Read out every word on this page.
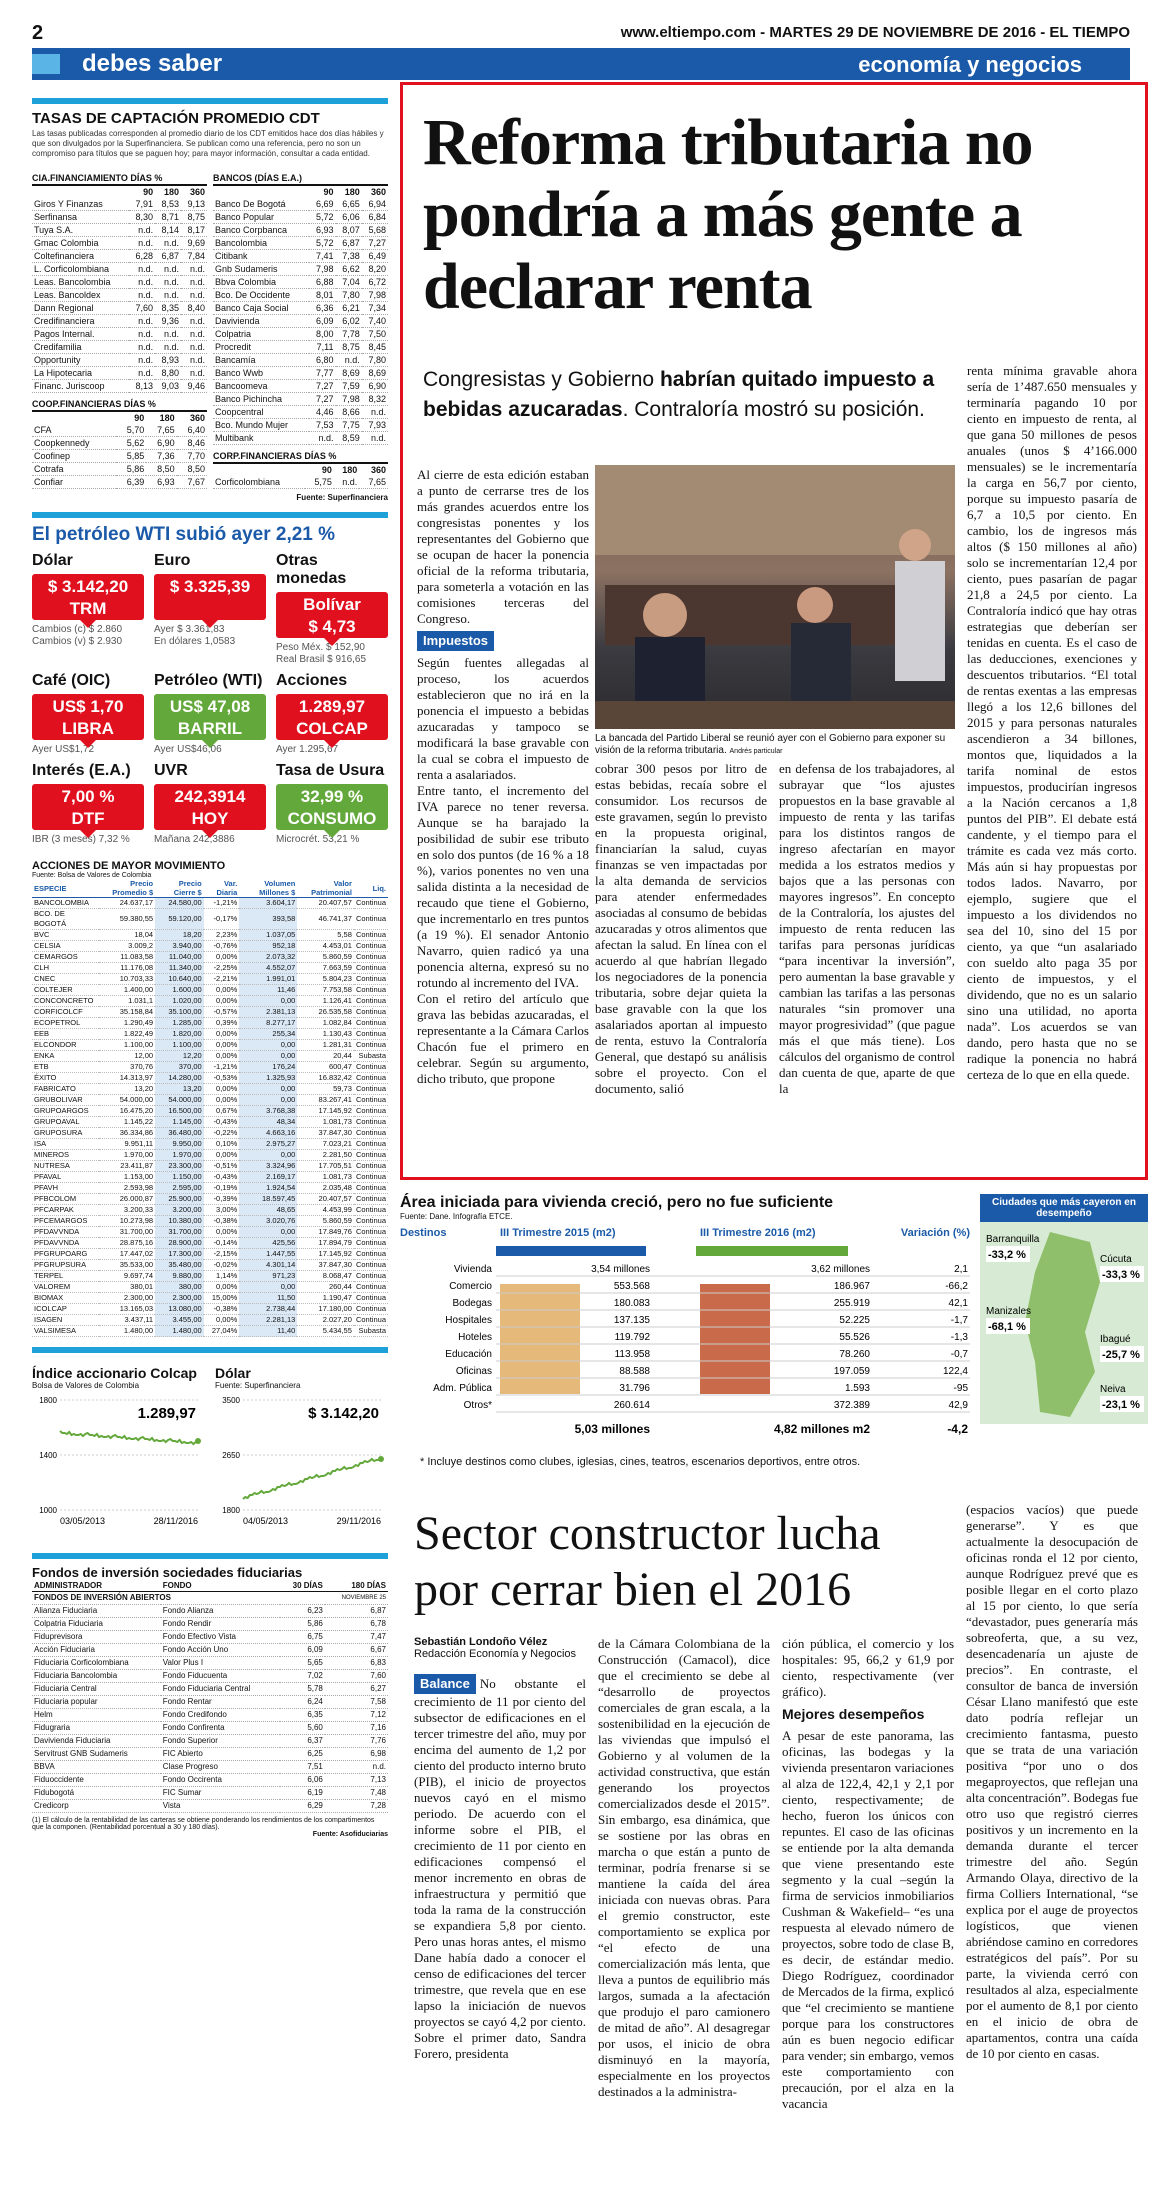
2	www.eltiempo.com - MARTES 29 DE NOVIEMBRE DE 2016 - EL TIEMPO
debes saber	economía y negocios
TASAS DE CAPTACIÓN PROMEDIO CDT
Las tasas publicadas corresponden al promedio diario de los CDT emitidos hace dos días hábiles y que son divulgados por la Superfinanciera. Se publican como una referencia, pero no son un compromiso para títulos que se paguen hoy; para mayor información, consultar a cada entidad.
CIA.FINANCIAMIENTO DÍAS %
	90	180	360
Giros Y Finanzas	7,91	8,53	9,13
Serfinansa	8,30	8,71	8,75
Tuya S.A.	n.d.	8,14	8,17
Gmac Colombia	n.d.	n.d.	9,69
Coltefinanciera	6,28	6,87	7,84
L. Corficolombiana	n.d.	n.d.	n.d.
Leas. Bancolombia	n.d.	n.d.	n.d.
Leas. Bancoldex	n.d.	n.d.	n.d.
Dann Regional	7,60	8,35	8,40
Credifinanciera	n.d.	9,36	n.d.
Pagos Internal.	n.d.	n.d.	n.d.
Credifamilia	n.d.	n.d.	n.d.
Opportunity	n.d.	8,93	n.d.
La Hipotecaria	n.d.	8,80	n.d.
Financ. Juriscoop	8,13	9,03	9,46
COOP.FINANCIERAS DÍAS %
	90	180	360
CFA	5,70	7,65	6,40
Coopkennedy	5,62	6,90	8,46
Coofinep	5,85	7,36	7,70
Cotrafa	5,86	8,50	8,50
Confiar	6,39	6,93	7,67
BANCOS (DÍAS E.A.)
	90	180	360
Banco De Bogotá	6,69	6,65	6,94
Banco Popular	5,72	6,06	6,84
Banco Corpbanca	6,93	8,07	5,68
Bancolombia	5,72	6,87	7,27
Citibank	7,41	7,38	6,49
Gnb Sudameris	7,98	6,62	8,20
Bbva Colombia	6,88	7,04	6,72
Bco. De Occidente	8,01	7,80	7,98
Banco Caja Social	6,36	6,21	7,34
Davivienda	6,09	6,02	7,40
Colpatria	8,00	7,78	7,50
Procredit	7,11	8,75	8,45
Bancamía	6,80	n.d.	7,80
Banco Wwb	7,77	8,69	8,69
Bancoomeva	7,27	7,59	6,90
Banco Pichincha	7,27	7,98	8,32
Coopcentral	4,46	8,66	n.d.
Bco. Mundo Mujer	7,53	7,75	7,93
Multibank	n.d.	8,59	n.d.
CORP.FINANCIERAS DÍAS %
	90	180	360
Corficolombiana	5,75	n.d.	7,65
Fuente: Superfinanciera
El petróleo WTI subió ayer 2,21 %
Dólar
$ 3.142,20
TRM
Cambios (c) $ 2.860
Cambios (v) $ 2.930
Euro
$ 3.325,39
Ayer $ 3.361,83
En dólares 1,0583
Otras monedas
Bolívar
$ 4,73
Peso Méx. $ 152,90
Real Brasil $ 916,65
Café (OIC)
US$ 1,70
LIBRA
Ayer US$1,72
Petróleo (WTI)
US$ 47,08
BARRIL
Ayer US$46,06
Acciones
1.289,97
COLCAP
Ayer 1.295,67
Interés (E.A.)
7,00 %
DTF
IBR (3 meses) 7,32 %
UVR
242,3914
HOY
Mañana 242,3886
Tasa de Usura
32,99 %
CONSUMO
Microcrét. 53,21 %
ACCIONES DE MAYOR MOVIMIENTO
Fuente: Bolsa de Valores de Colombia
ESPECIE	Precio Promedio $	Precio Cierre $	Var. Diaria	Volumen Millones $	Valor Patrimonial	Liq.
BANCOLOMBIA	24.637,17	24.580,00	-1,21%	3.604,17	20.407,57	Continua
BCO. DE BOGOTÁ	59.380,55	59.120,00	-0,17%	393,58	46.741,37	Continua
BVC	18,04	18,20	2,23%	1.037,05	5,58	Continua
CELSIA	3.009,2	3.940,00	-0,76%	952,18	4.453,01	Continua
CEMARGOS	11.083,58	11.040,00	0,00%	2.073,32	5.860,59	Continua
CLH	11.176,08	11.340,00	-2,25%	4.552,07	7.663,59	Continua
CNEC	10.703,33	10.640,00	-2,21%	1.991,01	5.804,23	Continua
COLTEJER	1.400,00	1.600,00	0,00%	11,46	7.753,58	Continua
CONCONCRETO	1.031,1	1.020,00	0,00%	0,00	1.126,41	Continua
CORFICOLCF	35.158,84	35.100,00	-0,57%	2.381,13	26.535,58	Continua
ECOPETROL	1.290,49	1.285,00	0,39%	8.277,17	1.082,84	Continua
EEB	1.822,49	1.820,00	0,00%	255,34	1.130,43	Continua
ELCONDOR	1.100,00	1.100,00	0,00%	0,00	1.281,31	Continua
ENKA	12,00	12,20	0,00%	0,00	20,44	Subasta
ETB	370,76	370,00	-1,21%	176,24	600,47	Continua
ÉXITO	14.313,97	14.280,00	-0,53%	1.325,93	16.832,42	Continua
FABRICATO	13,20	13,20	0,00%	0,00	59,73	Continua
GRUBOLIVAR	54.000,00	54.000,00	0,00%	0,00	83.267,41	Continua
GRUPOARGOS	16.475,20	16.500,00	0,67%	3.768,38	17.145,92	Continua
GRUPOAVAL	1.145,22	1.145,00	-0,43%	48,34	1.081,73	Continua
GRUPOSURA	36.334,86	36.480,00	-0,22%	4.663,16	37.847,30	Continua
ISA	9.951,11	9.950,00	0,10%	2.975,27	7.023,21	Continua
MINEROS	1.970,00	1.970,00	0,00%	0,00	2.281,50	Continua
NUTRESA	23.411,87	23.300,00	-0,51%	3.324,96	17.705,51	Continua
PFAVAL	1.153,00	1.150,00	-0,43%	2.169,17	1.081,73	Continua
PFAVH	2.593,98	2.595,00	-0,19%	1.924,54	2.035,48	Continua
PFBCOLOM	26.000,87	25.900,00	-0,39%	18.597,45	20.407,57	Continua
PFCARPAK	3.200,33	3.200,00	3,00%	48,65	4.453,99	Continua
PFCEMARGOS	10.273,98	10.380,00	-0,38%	3.020,76	5.860,59	Continua
PFDAVVNDA	31.700,00	31.700,00	0,00%	0,00	17.849,76	Continua
PFDAVVNDA	28.875,16	28.900,00	-0,14%	425,56	17.894,79	Continua
PFGRUPOARG	17.447,02	17.300,00	-2,15%	1.447,55	17.145,92	Continua
PFGRUPSURA	35.533,00	35.480,00	-0,02%	4.301,14	37.847,30	Continua
TERPEL	9.697,74	9.880,00	1,14%	971,23	8.068,47	Continua
VALOREM	380,01	380,00	0,00%	0,00	260,44	Continua
BIOMAX	2.300,00	2.300,00	15,00%	11,50	1.190,47	Continua
ICOLCAP	13.165,03	13.080,00	-0,38%	2.738,44	17.180,00	Continua
ISAGEN	3.437,11	3.455,00	0,00%	2.281,13	2.027,20	Continua
VALSIMESA	1.480,00	1.480,00	27,04%	11,40	5.434,55	Subasta
Índice accionario Colcap
Bolsa de Valores de Colombia
1800
1400
1000
1.289,97
03/05/2013	28/11/2016
Dólar
Fuente: Superfinanciera
3500
2650
1800
$ 3.142,20
04/05/2013	29/11/2016
Fondos de inversión sociedades fiduciarias
ADMINISTRADOR	FONDO	30 DÍAS	180 DÍAS
FONDOS DE INVERSIÓN ABIERTOS			NOVIEMBRE 25
Alianza Fiduciaria	Fondo Alianza	6,23	6,87
Colpatria Fiduciaria	Fondo Rendir	5,86	6,78
Fiduprevisora	Fondo Efectivo Vista	6,75	7,47
Acción Fiduciaria	Fondo Acción Uno	6,09	6,67
Fiduciaria Corficolombiana	Valor Plus I	5,65	6,83
Fiduciaria Bancolombia	Fondo Fiducuenta	7,02	7,60
Fiduciaria Central	Fondo Fiduciaria Central	5,78	6,27
Fiduciaria popular	Fondo Rentar	6,24	7,58
Helm	Fondo Credifondo	6,35	7,12
Fidugraria	Fondo Confirenta	5,60	7,16
Davivienda Fiduciaria	Fondo Superior	6,37	7,76
Servitrust GNB Sudameris	FIC Abierto	6,25	6,98
BBVA	Clase Progreso	7,51	n.d.
Fiduoccidente	Fondo Occirenta	6,06	7,13
Fidubogotá	FIC Sumar	6,19	7,48
Credicorp	Vista	6,29	7,28
(1) El cálculo de la rentabilidad de las carteras se obtiene ponderando los rendimientos de los compartimentos que la componen. (Rentabilidad porcentual a 30 y 180 días).
Fuente: Asofiduciarias
Reforma tributaria no pondría a más gente a declarar renta
Congresistas y Gobierno habrían quitado impuesto a bebidas azucaradas. Contraloría mostró su posición.

Al cierre de esta edición estaban a punto de cerrarse tres de los más grandes acuerdos entre los congresistas ponentes y los representantes del Gobierno que se ocupan de hacer la ponencia oficial de la reforma tributaria, para someterla a votación en las comisiones terceras del Congreso.

Impuestos

Según fuentes allegadas al proceso, los acuerdos establecieron que no irá en la ponencia el impuesto a bebidas azucaradas y tampoco se modificará la base gravable con la cual se cobra el impuesto de renta a asalariados.

Entre tanto, el incremento del IVA parece no tener reversa. Aunque se ha barajado la posibilidad de subir ese tributo en solo dos puntos (de 16 % a 18 %), varios ponentes no ven una salida distinta a la necesidad de recaudo que tiene el Gobierno, que incrementarlo en tres puntos (a 19 %). El senador Antonio Navarro, quien radicó ya una ponencia alterna, expresó su no rotundo al incremento del IVA.

Con el retiro del artículo que grava las bebidas azucaradas, el representante a la Cámara Carlos Chacón fue el primero en celebrar. Según su argumento, dicho tributo, que propone

La bancada del Partido Liberal se reunió ayer con el Gobierno para exponer su visión de la reforma tributaria. Andrés particular
cobrar 300 pesos por litro de estas bebidas, recaía sobre el consumidor. Los recursos de este gravamen, según lo previsto en la propuesta original, financiarían la salud, cuyas finanzas se ven impactadas por la alta demanda de servicios para atender enfermedades asociadas al consumo de bebidas azucaradas y otros alimentos que afectan la salud. En línea con el acuerdo al que habrían llegado los negociadores de la ponencia tributaria, sobre dejar quieta la base gravable con la que los asalariados aportan al impuesto de renta, estuvo la Contraloría General, que destapó su análisis sobre el proyecto. Con el documento, salió
en defensa de los trabajadores, al subrayar que “los ajustes propuestos en la base gravable al impuesto de renta y las tarifas para los distintos rangos de ingreso afectarían en mayor medida a los estratos medios y bajos que a las personas con mayores ingresos”. En concepto de la Contraloría, los ajustes del impuesto de renta reducen las tarifas para personas jurídicas “para incentivar la inversión”, pero aumentan la base gravable y cambian las tarifas a las personas naturales “sin promover una mayor progresividad” (que pague más el que más tiene). Los cálculos del organismo de control dan cuenta de que, aparte de que la
renta mínima gravable ahora sería de 1’487.650 mensuales y terminaría pagando 10 por ciento en impuesto de renta, al que gana 50 millones de pesos anuales (unos $ 4’166.000 mensuales) se le incrementaría la carga en 56,7 por ciento, porque su impuesto pasaría de 6,7 a 10,5 por ciento. En cambio, los de ingresos más altos ($ 150 millones al año) solo se incrementarían 12,4 por ciento, pues pasarían de pagar 21,8 a 24,5 por ciento. La Contraloría indicó que hay otras estrategias que deberían ser tenidas en cuenta. Es el caso de las deducciones, exenciones y descuentos tributarios. “El total de rentas exentas a las empresas llegó a los 12,6 billones del 2015 y para personas naturales ascendieron a 34 billones, montos que, liquidados a la tarifa nominal de estos impuestos, producirían ingresos a la Nación cercanos a 1,8 puntos del PIB”. El debate está candente, y el tiempo para el trámite es cada vez más corto. Más aún si hay propuestas por todos lados. Navarro, por ejemplo, sugiere que el impuesto a los dividendos no sea del 10, sino del 15 por ciento, ya que “un asalariado con sueldo alto paga 35 por ciento de impuestos, y el dividendo, que no es un salario sino una utilidad, no aporta nada”. Los acuerdos se van dando, pero hasta que no se radique la ponencia no habrá certeza de lo que en ella quede.
Área iniciada para vivienda creció, pero no fue suficiente
Fuente: Dane. Infografía ETCE.
Destinos	III Trimestre 2015 (m2)	III Trimestre 2016 (m2)	Variación (%)
Vivienda	3,54 millones	3,62 millones	2,1
Comercio	553.568	186.967	-66,2
Bodegas	180.083	255.919	42,1
Hospitales	137.135	52.225	-1,7
Hoteles	119.792	55.526	-1,3
Educación	113.958	78.260	-0,7
Oficinas	88.588	197.059	122,4
Adm. Pública	31.796	1.593	-95
Otros*	260.614	372.389	42,9
5,03 millones	4,82 millones m2	-4,2
Ciudades que más cayeron en desempeño
Barranquilla
-33,2 %	Cúcuta
-33,3 %
Manizales
-68,1 %
Ibagué
-25,7 %
Neiva
-23,1 %
* Incluye destinos como clubes, iglesias, cines, teatros, escenarios deportivos, entre otros.
Sector constructor lucha por cerrar bien el 2016
Sebastián Londoño Vélez
Redacción Economía y Negocios
Balance No obstante el crecimiento de 11 por ciento del subsector de edificaciones en el tercer trimestre del año, muy por encima del aumento de 1,2 por ciento del producto interno bruto (PIB), el inicio de proyectos nuevos cayó en el mismo periodo. De acuerdo con el informe sobre el PIB, el crecimiento de 11 por ciento en edificaciones compensó el menor incremento en obras de infraestructura y permitió que toda la rama de la construcción se expandiera 5,8 por ciento. Pero unas horas antes, el mismo Dane había dado a conocer el censo de edificaciones del tercer trimestre, que revela que en ese lapso la iniciación de nuevos proyectos se cayó 4,2 por ciento. Sobre el primer dato, Sandra Forero, presidenta
de la Cámara Colombiana de la Construcción (Camacol), dice que el crecimiento se debe al “desarrollo de proyectos comerciales de gran escala, a la sostenibilidad en la ejecución de las viviendas que impulsó el Gobierno y al volumen de la actividad constructiva, que están generando los proyectos comercializados desde el 2015”. Sin embargo, esa dinámica, que se sostiene por las obras en marcha o que están a punto de terminar, podría frenarse si se mantiene la caída del área iniciada con nuevas obras. Para el gremio constructor, este comportamiento se explica por “el efecto de una comercialización más lenta, que lleva a puntos de equilibrio más largos, sumada a la afectación que produjo el paro camionero de mitad de año”. Al desagregar por usos, el inicio de obra disminuyó en la mayoría, especialmente en los proyectos destinados a la administra-

ción pública, el comercio y los hospitales: 95, 66,2 y 61,9 por ciento, respectivamente (ver gráfico).

Mejores desempeños

A pesar de este panorama, las oficinas, las bodegas y la vivienda presentaron variaciones al alza de 122,4, 42,1 y 2,1 por ciento, respectivamente; de hecho, fueron los únicos con repuntes. El caso de las oficinas se entiende por la alta demanda que viene presentando este segmento y la cual –según la firma de servicios inmobiliarios Cushman & Wakefield– “es una respuesta al elevado número de proyectos, sobre todo de clase B, es decir, de estándar medio. Diego Rodríguez, coordinador de Mercados de la firma, explicó que “el crecimiento se mantiene porque para los constructores aún es buen negocio edificar para vender; sin embargo, vemos este comportamiento con precaución, por el alza en la vacancia

(espacios vacíos) que puede generarse”. Y es que actualmente la desocupación de oficinas ronda el 12 por ciento, aunque Rodríguez prevé que es posible llegar en el corto plazo al 15 por ciento, lo que sería “devastador, pues generaría más sobreoferta, que, a su vez, desencadenaría un ajuste de precios”. En contraste, el consultor de banca de inversión César Llano manifestó que este dato podría reflejar un crecimiento fantasma, puesto que se trata de una variación positiva “por uno o dos megaproyectos, que reflejan una alta concentración”. Bodegas fue otro uso que registró cierres positivos y un incremento en la demanda durante el tercer trimestre del año. Según Armando Olaya, directivo de la firma Colliers International, “se explica por el auge de proyectos logísticos, que vienen abriéndose camino en corredores estratégicos del país”. Por su parte, la vivienda cerró con resultados al alza, especialmente por el aumento de 8,1 por ciento en el inicio de obra de apartamentos, contra una caída de 10 por ciento en casas.
